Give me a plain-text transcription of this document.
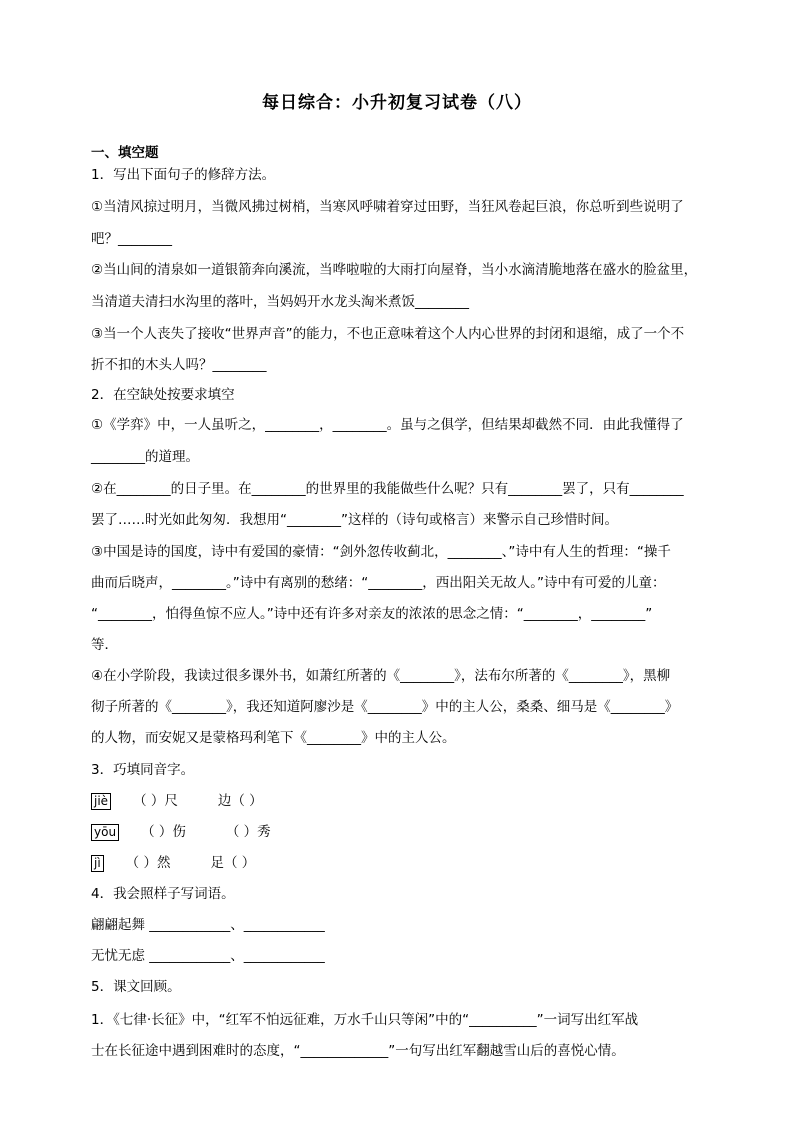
每日综合：小升初复习试卷（八）
一、填空题
1．写出下面句子的修辞方法。
①当清风掠过明月，当微风拂过树梢，当寒风呼啸着穿过田野，当狂风卷起巨浪，你总听到些说明了
吧？________
②当山间的清泉如一道银箭奔向溪流，当哗啦啦的大雨打向屋脊，当小水滴清脆地落在盛水的脸盆里，
当清道夫清扫水沟里的落叶，当妈妈开水龙头淘米煮饭________
③当一个人丧失了接收“世界声音”的能力，不也正意味着这个人内心世界的封闭和退缩，成了一个不
折不扣的木头人吗？________
2．在空缺处按要求填空
①《学弈》中，一人虽听之，________，________。虽与之俱学，但结果却截然不同．由此我懂得了
________的道理。
②在________的日子里。在________的世界里的我能做些什么呢？只有________罢了，只有________
罢了……时光如此匆匆．我想用“________”这样的（诗句或格言）来警示自己珍惜时间。
③中国是诗的国度，诗中有爱国的豪情：“剑外忽传收蓟北，________、”诗中有人生的哲理：“操千
曲而后晓声，________。”诗中有离别的愁绪：“________，西出阳关无故人。”诗中有可爱的儿童：
“________，怕得鱼惊不应人。”诗中还有许多对亲友的浓浓的思念之情：“________，________”
等．
④在小学阶段，我读过很多课外书，如萧红所著的《________》，法布尔所著的《________》，黑柳
彻子所著的《________》，我还知道阿廖沙是《________》中的主人公，桑桑、细马是《________》
的人物，而安妮又是蒙格玛利笔下《________》中的主人公。
3．巧填同音字。
jiè （ ）尺	边（ ）
yōu （ ）伤	（ ）秀
jì （ ）然	足（ ）
4．我会照样子写词语。
翩翩起舞 ____________、____________
无忧无虑 ____________、____________
5．课文回顾。
1．《七律·长征》中，“红军不怕远征难，万水千山只等闲”中的“__________”一词写出红军战
士在长征途中遇到困难时的态度，“_____________”一句写出红军翻越雪山后的喜悦心情。
